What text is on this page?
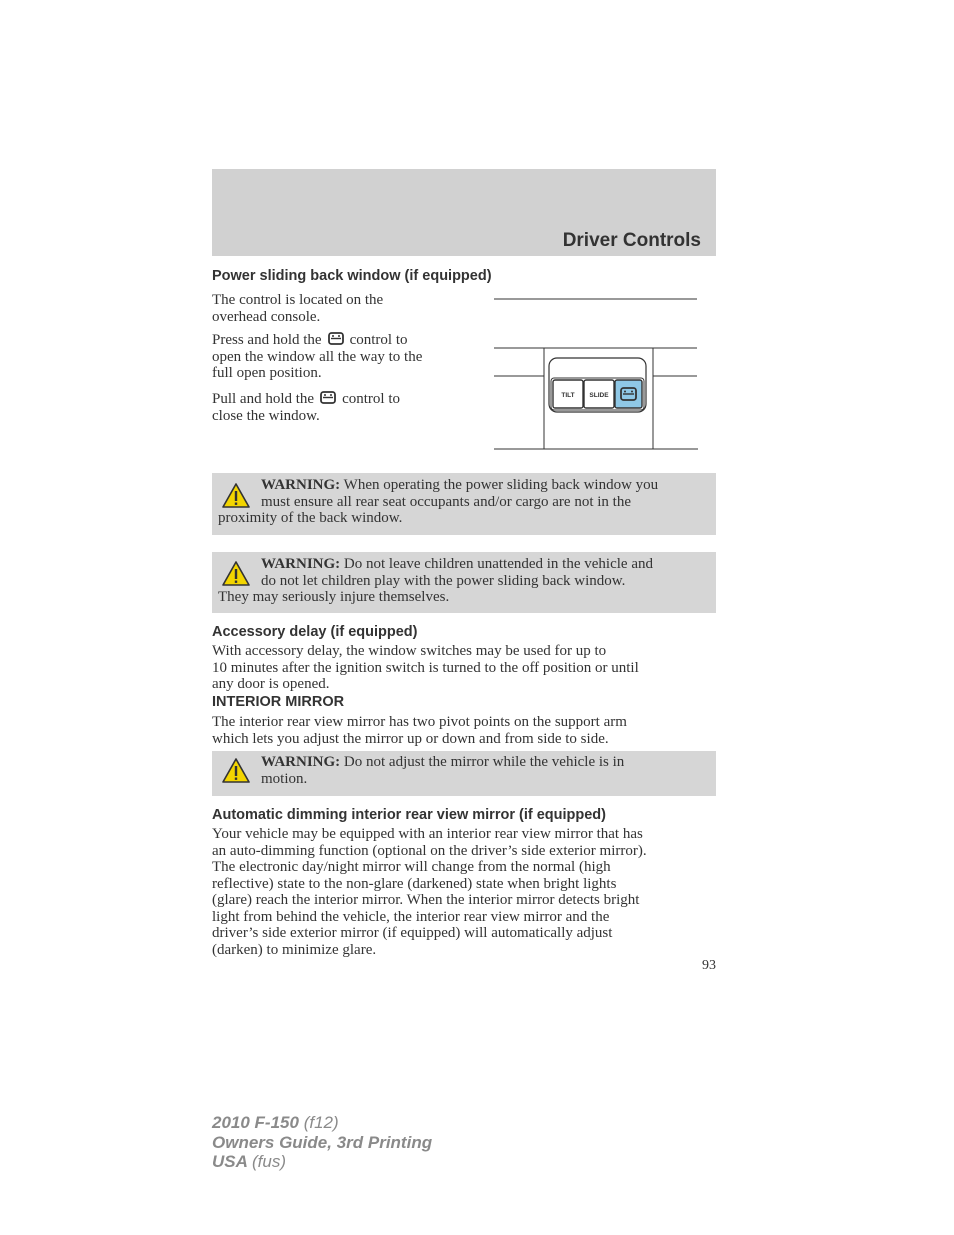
Driver Controls
Power sliding back window (if equipped)
The control is located on the
overhead console.
Press and hold the control to
open the window all the way to the
full open position.
Pull and hold the control to
close the window.
TILT SLIDE
WARNING: When operating the power sliding back window you
must ensure all rear seat occupants and/or cargo are not in the
proximity of the back window.
WARNING: Do not leave children unattended in the vehicle and
do not let children play with the power sliding back window.
They may seriously injure themselves.
Accessory delay (if equipped)
With accessory delay, the window switches may be used for up to
10 minutes after the ignition switch is turned to the off position or until
any door is opened.
INTERIOR MIRROR
The interior rear view mirror has two pivot points on the support arm
which lets you adjust the mirror up or down and from side to side.
WARNING: Do not adjust the mirror while the vehicle is in
motion.
Automatic dimming interior rear view mirror (if equipped)
Your vehicle may be equipped with an interior rear view mirror that has
an auto-dimming function (optional on the driver’s side exterior mirror).
The electronic day/night mirror will change from the normal (high
reflective) state to the non-glare (darkened) state when bright lights
(glare) reach the interior mirror. When the interior mirror detects bright
light from behind the vehicle, the interior rear view mirror and the
driver’s side exterior mirror (if equipped) will automatically adjust
(darken) to minimize glare.
93
2010 F-150 (f12)
Owners Guide, 3rd Printing
USA (fus)
